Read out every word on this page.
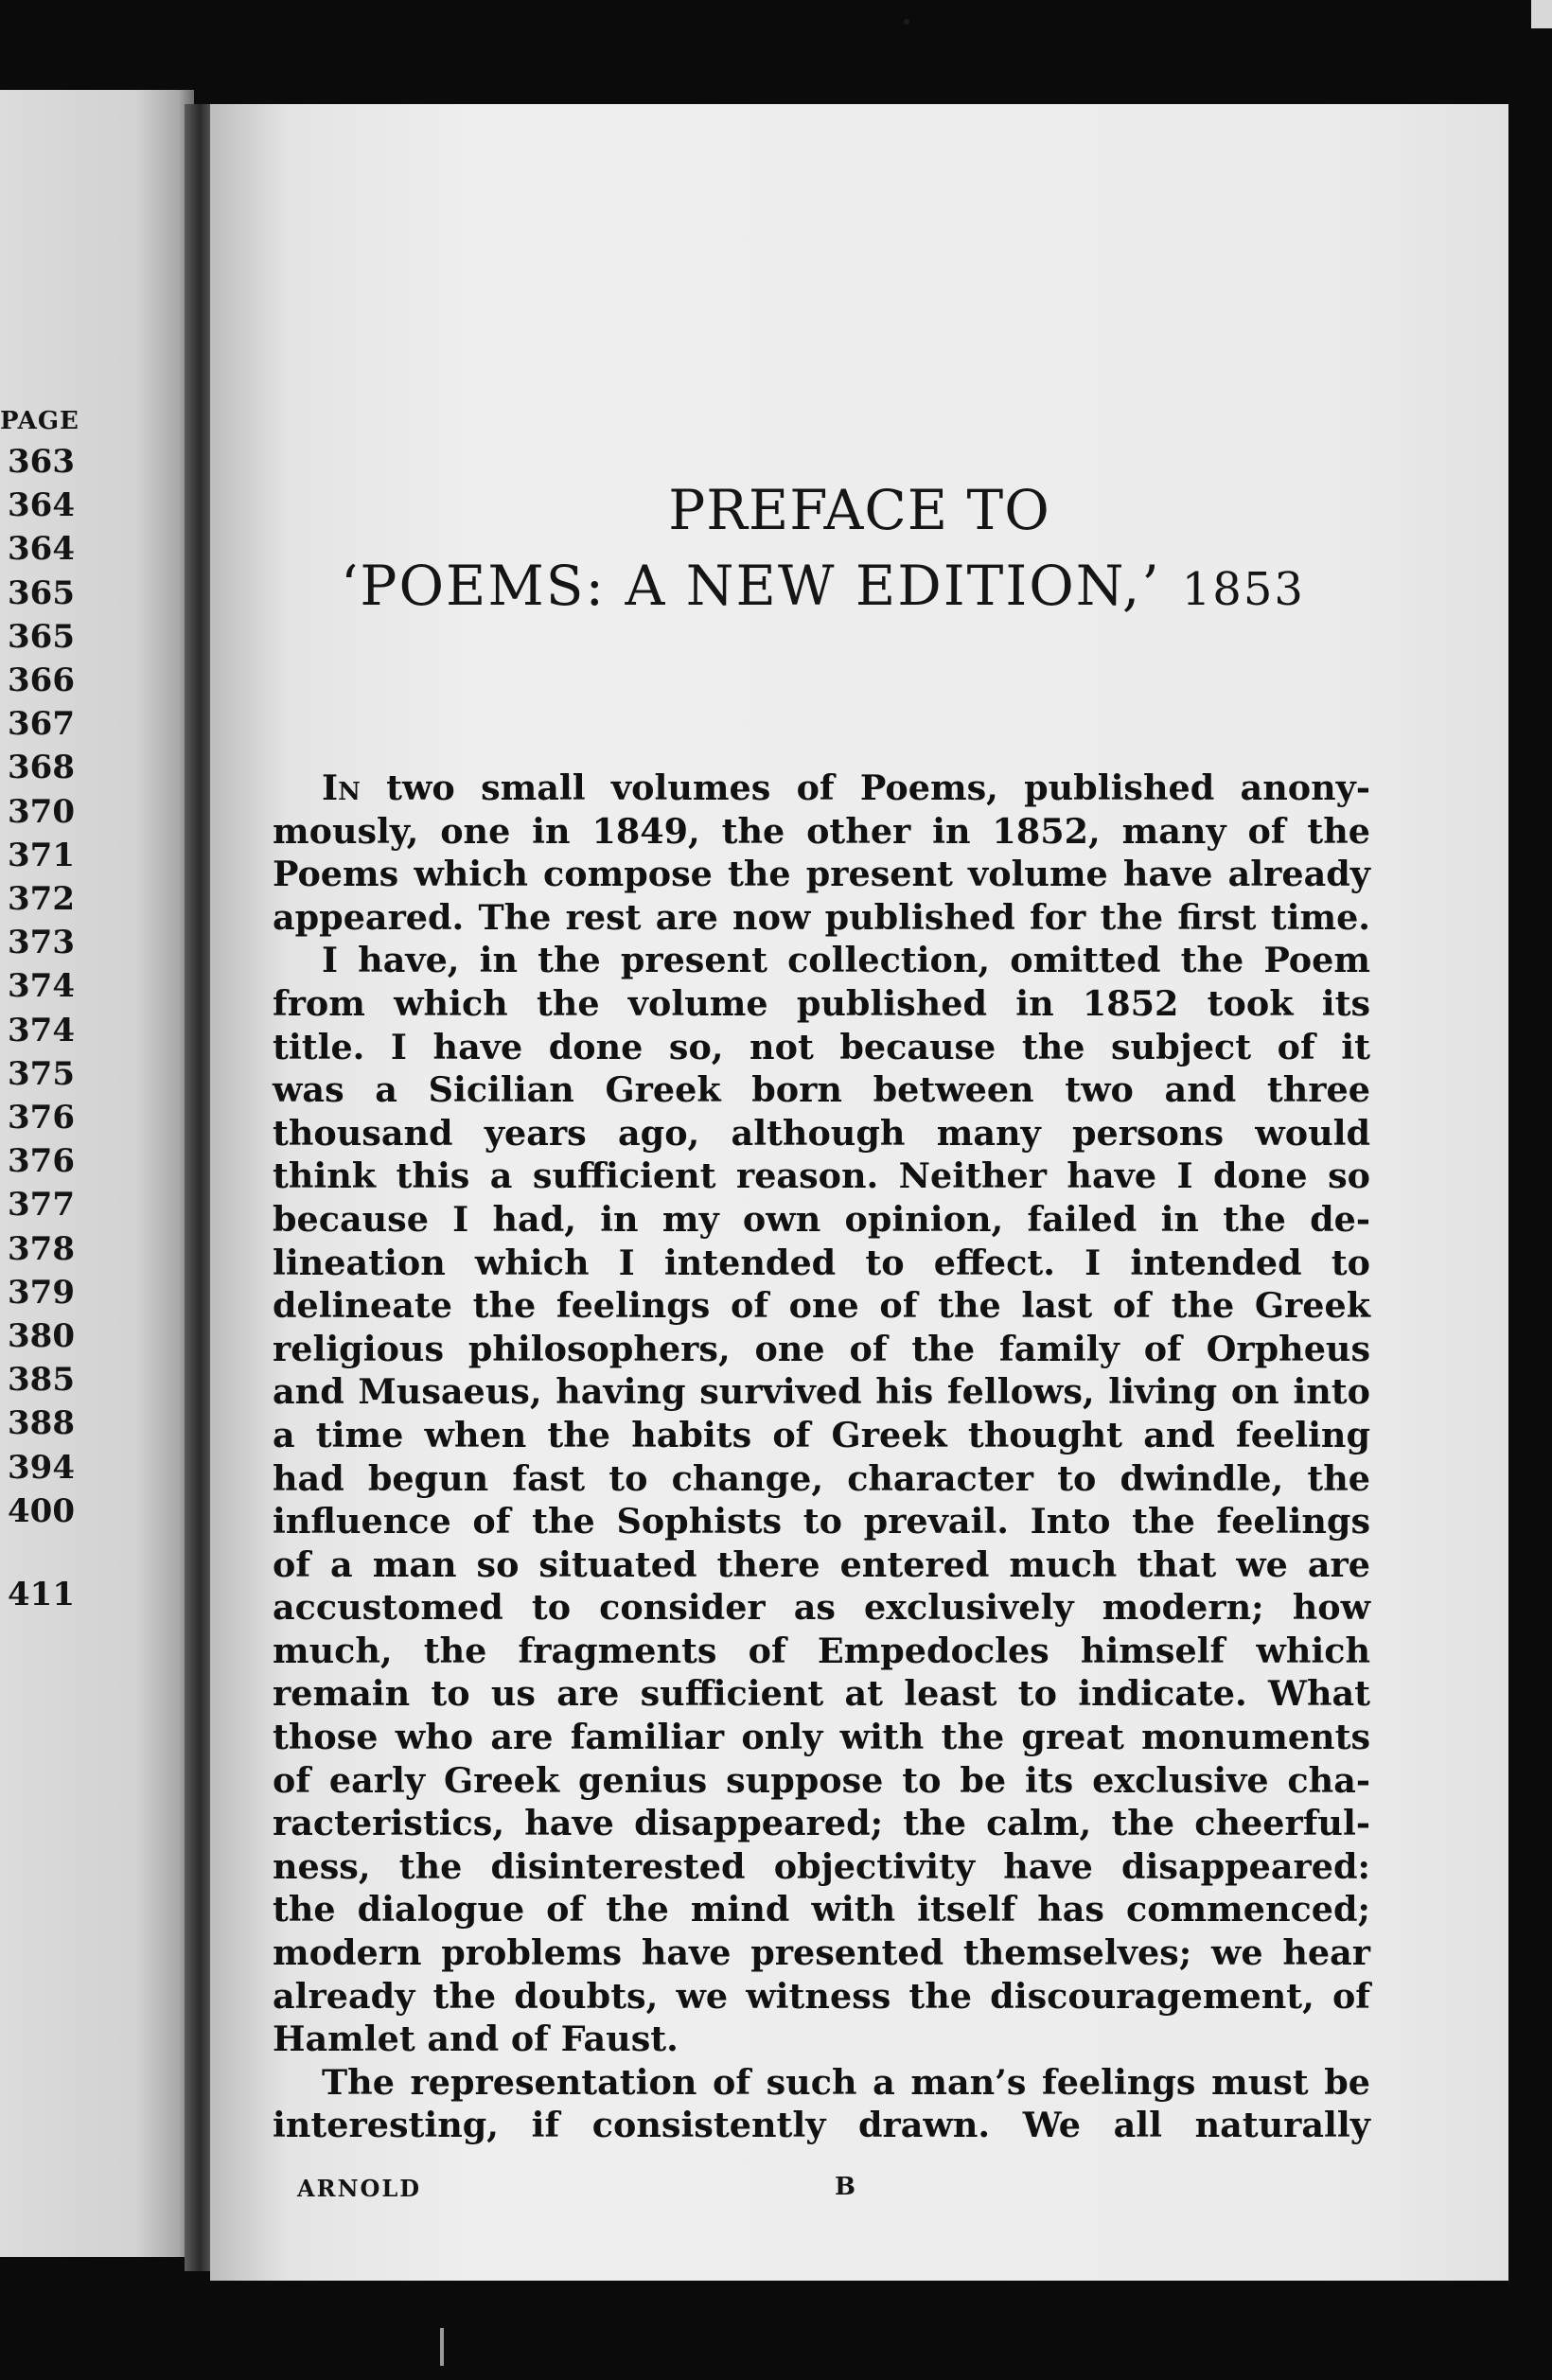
PAGE
363
364
364
365
365
366
367
368
370
371
372
373
374
374
375
376
376
377
378
379
380
385
388
394
400
411
PREFACE TO
‘POEMS: A NEW EDITION,’ 1853
In two small volumes of Poems, published anony-
mously, one in 1849, the other in 1852, many of the
Poems which compose the present volume have already
appeared. The rest are now published for the first time.
I have, in the present collection, omitted the Poem
from which the volume published in 1852 took its
title. I have done so, not because the subject of it
was a Sicilian Greek born between two and three
thousand years ago, although many persons would
think this a sufficient reason. Neither have I done so
because I had, in my own opinion, failed in the de-
lineation which I intended to effect. I intended to
delineate the feelings of one of the last of the Greek
religious philosophers, one of the family of Orpheus
and Musaeus, having survived his fellows, living on into
a time when the habits of Greek thought and feeling
had begun fast to change, character to dwindle, the
influence of the Sophists to prevail. Into the feelings
of a man so situated there entered much that we are
accustomed to consider as exclusively modern; how
much, the fragments of Empedocles himself which
remain to us are sufficient at least to indicate. What
those who are familiar only with the great monuments
of early Greek genius suppose to be its exclusive cha-
racteristics, have disappeared; the calm, the cheerful-
ness, the disinterested objectivity have disappeared:
the dialogue of the mind with itself has commenced;
modern problems have presented themselves; we hear
already the doubts, we witness the discouragement, of
Hamlet and of Faust.
The representation of such a man’s feelings must be
interesting, if consistently drawn. We all naturally
ARNOLD	B
